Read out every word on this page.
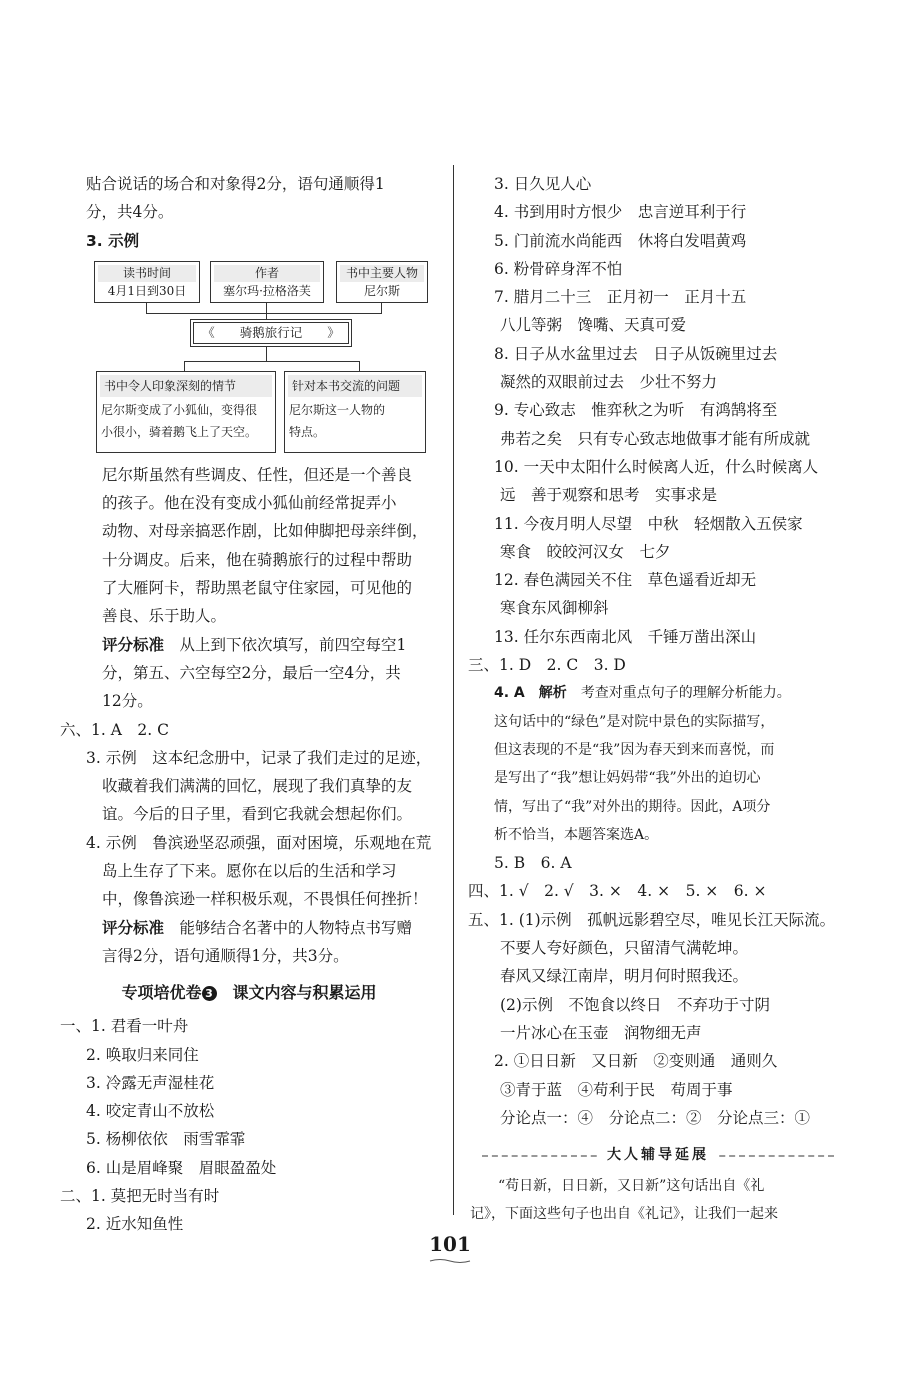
贴合说话的场合和对象得2分，语句通顺得1
分，共4分。
3. 示例
读书时间
4月1日到30日
作者
塞尔玛·拉格洛芙
书中主要人物
尼尔斯
《　　骑鹅旅行记　　》
书中令人印象深刻的情节
尼尔斯变成了小狐仙，变得很
小很小，骑着鹅飞上了天空。
针对本书交流的问题
尼尔斯这一人物的
特点。
尼尔斯虽然有些调皮、任性，但还是一个善良
的孩子。他在没有变成小狐仙前经常捉弄小
动物、对母亲搞恶作剧，比如伸脚把母亲绊倒，
十分调皮。后来，他在骑鹅旅行的过程中帮助
了大雁阿卡，帮助黑老鼠守住家园，可见他的
善良、乐于助人。
评分标准　 从上到下依次填写，前四空每空1
分，第五、六空每空2分，最后一空4分，共
12分。
六、1. A　2. C
3. 示例　这本纪念册中，记录了我们走过的足迹，
收藏着我们满满的回忆，展现了我们真挚的友
谊。今后的日子里，看到它我就会想起你们。
4. 示例　鲁滨逊坚忍顽强，面对困境，乐观地在荒
岛上生存了下来。愿你在以后的生活和学习
中，像鲁滨逊一样积极乐观，不畏惧任何挫折！
评分标准　 能够结合名著中的人物特点书写赠
言得2分，语句通顺得1分，共3分。
专项培优卷 3　课文内容与积累运用
一、1. 君看一叶舟
2. 唤取归来同住
3. 冷露无声湿桂花
4. 咬定青山不放松
5. 杨柳依依　雨雪霏霏
6. 山是眉峰聚　眉眼盈盈处
二、1. 莫把无时当有时
2. 近水知鱼性
3. 日久见人心
4. 书到用时方恨少　忠言逆耳利于行
5. 门前流水尚能西　休将白发唱黄鸡
6. 粉骨碎身浑不怕
7. 腊月二十三　正月初一　正月十五
八儿等粥　馋嘴、天真可爱
8. 日子从水盆里过去　日子从饭碗里过去
凝然的双眼前过去　少壮不努力
9. 专心致志　惟弈秋之为听　有鸿鹄将至
弗若之矣　只有专心致志地做事才能有所成就
10. 一天中太阳什么时候离人近，什么时候离人
远　善于观察和思考　实事求是
11. 今夜月明人尽望　中秋　轻烟散入五侯家
寒食　皎皎河汉女　七夕
12. 春色满园关不住　草色遥看近却无
寒食东风御柳斜
13. 任尔东西南北风　千锤万凿出深山
三、1. D　2. C　3. D
4. A　解析　 考查对重点句子的理解分析能力。
这句话中的“绿色”是对院中景色的实际描写，
但这表现的不是“我”因为春天到来而喜悦，而
是写出了“我”想让妈妈带“我”外出的迫切心
情，写出了“我”对外出的期待。因此，A项分
析不恰当，本题答案选A。
5. B　6. A
四、1. √　2. √　3. ×　4. ×　5. ×　6. ×
五、1. (1)示例　孤帆远影碧空尽，唯见长江天际流。
不要人夸好颜色，只留清气满乾坤。
春风又绿江南岸，明月何时照我还。
(2)示例　不饱食以终日　不弃功于寸阴
一片冰心在玉壶　润物细无声
2. ①日日新　又日新　②变则通　通则久
③青于蓝　④苟利于民　苟周于事
分论点一：④　分论点二：②　分论点三：①
大人辅导延展
“苟日新，日日新，又日新”这句话出自《礼
记》，下面这些句子也出自《礼记》，让我们一起来
101
